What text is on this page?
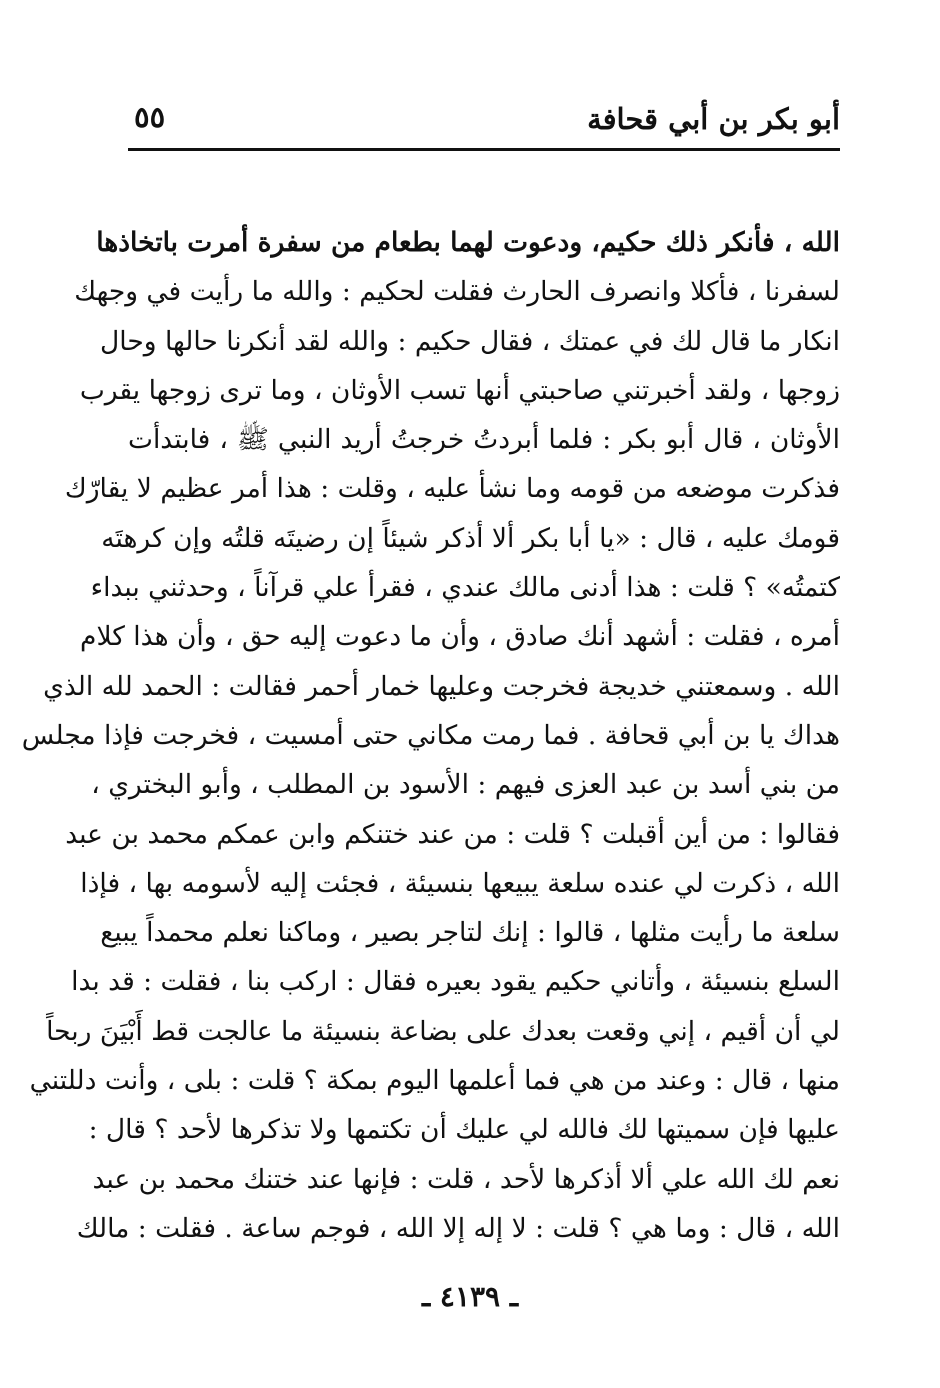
أبو بكر بن أبي قحافة
٥٥
الله ، فأنكر ذلك حكيم، ودعوت لهما بطعام من سفرة أمرت باتخاذها
لسفرنا ، فأكلا وانصرف الحارث فقلت لحكيم : والله ما رأيت في وجهك
انكار ما قال لك في عمتك ، فقال حكيم : والله لقد أنكرنا حالها وحال
زوجها ، ولقد أخبرتني صاحبتي أنها تسب الأوثان ، وما ترى زوجها يقرب
الأوثان ، قال أبو بكر : فلما أبردتُ خرجتُ أريد النبي ﷺ ، فابتدأت
فذكرت موضعه من قومه وما نشأ عليه ، وقلت : هذا أمر عظيم لا يقارّك
قومك عليه ، قال : «يا أبا بكر ألا أذكر شيئاً إن رضيتَه قلتُه وإن كرهتَه
كتمتُه» ؟ قلت : هذا أدنى مالك عندي ، فقرأ علي قرآناً ، وحدثني ببداء
أمره ، فقلت : أشهد أنك صادق ، وأن ما دعوت إليه حق ، وأن هذا كلام
الله . وسمعتني خديجة فخرجت وعليها خمار أحمر فقالت : الحمد لله الذي
هداك يا بن أبي قحافة . فما رمت مكاني حتى أمسيت ، فخرجت فإذا مجلس
من بني أسد بن عبد العزى فيهم : الأسود بن المطلب ، وأبو البختري ،
فقالوا : من أين أقبلت ؟ قلت : من عند ختنكم وابن عمكم محمد بن عبد
الله ، ذكرت لي عنده سلعة يبيعها بنسيئة ، فجئت إليه لأسومه بها ، فإذا
سلعة ما رأيت مثلها ، قالوا : إنك لتاجر بصير ، وماكنا نعلم محمداً يبيع
السلع بنسيئة ، وأتاني حكيم يقود بعيره فقال : اركب بنا ، فقلت : قد بدا
لي أن أقيم ، إني وقعت بعدك على بضاعة بنسيئة ما عالجت قط أَبْيَنَ ربحاً
منها ، قال : وعند من هي فما أعلمها اليوم بمكة ؟ قلت : بلى ، وأنت دللتني
عليها فإن سميتها لك فالله لي عليك أن تكتمها ولا تذكرها لأحد ؟ قال :
نعم لك الله علي ألا أذكرها لأحد ، قلت : فإنها عند ختنك محمد بن عبد
الله ، قال : وما هي ؟ قلت : لا إله إلا الله ، فوجم ساعة . فقلت : مالك
ـ ٤١٣٩ ـ
